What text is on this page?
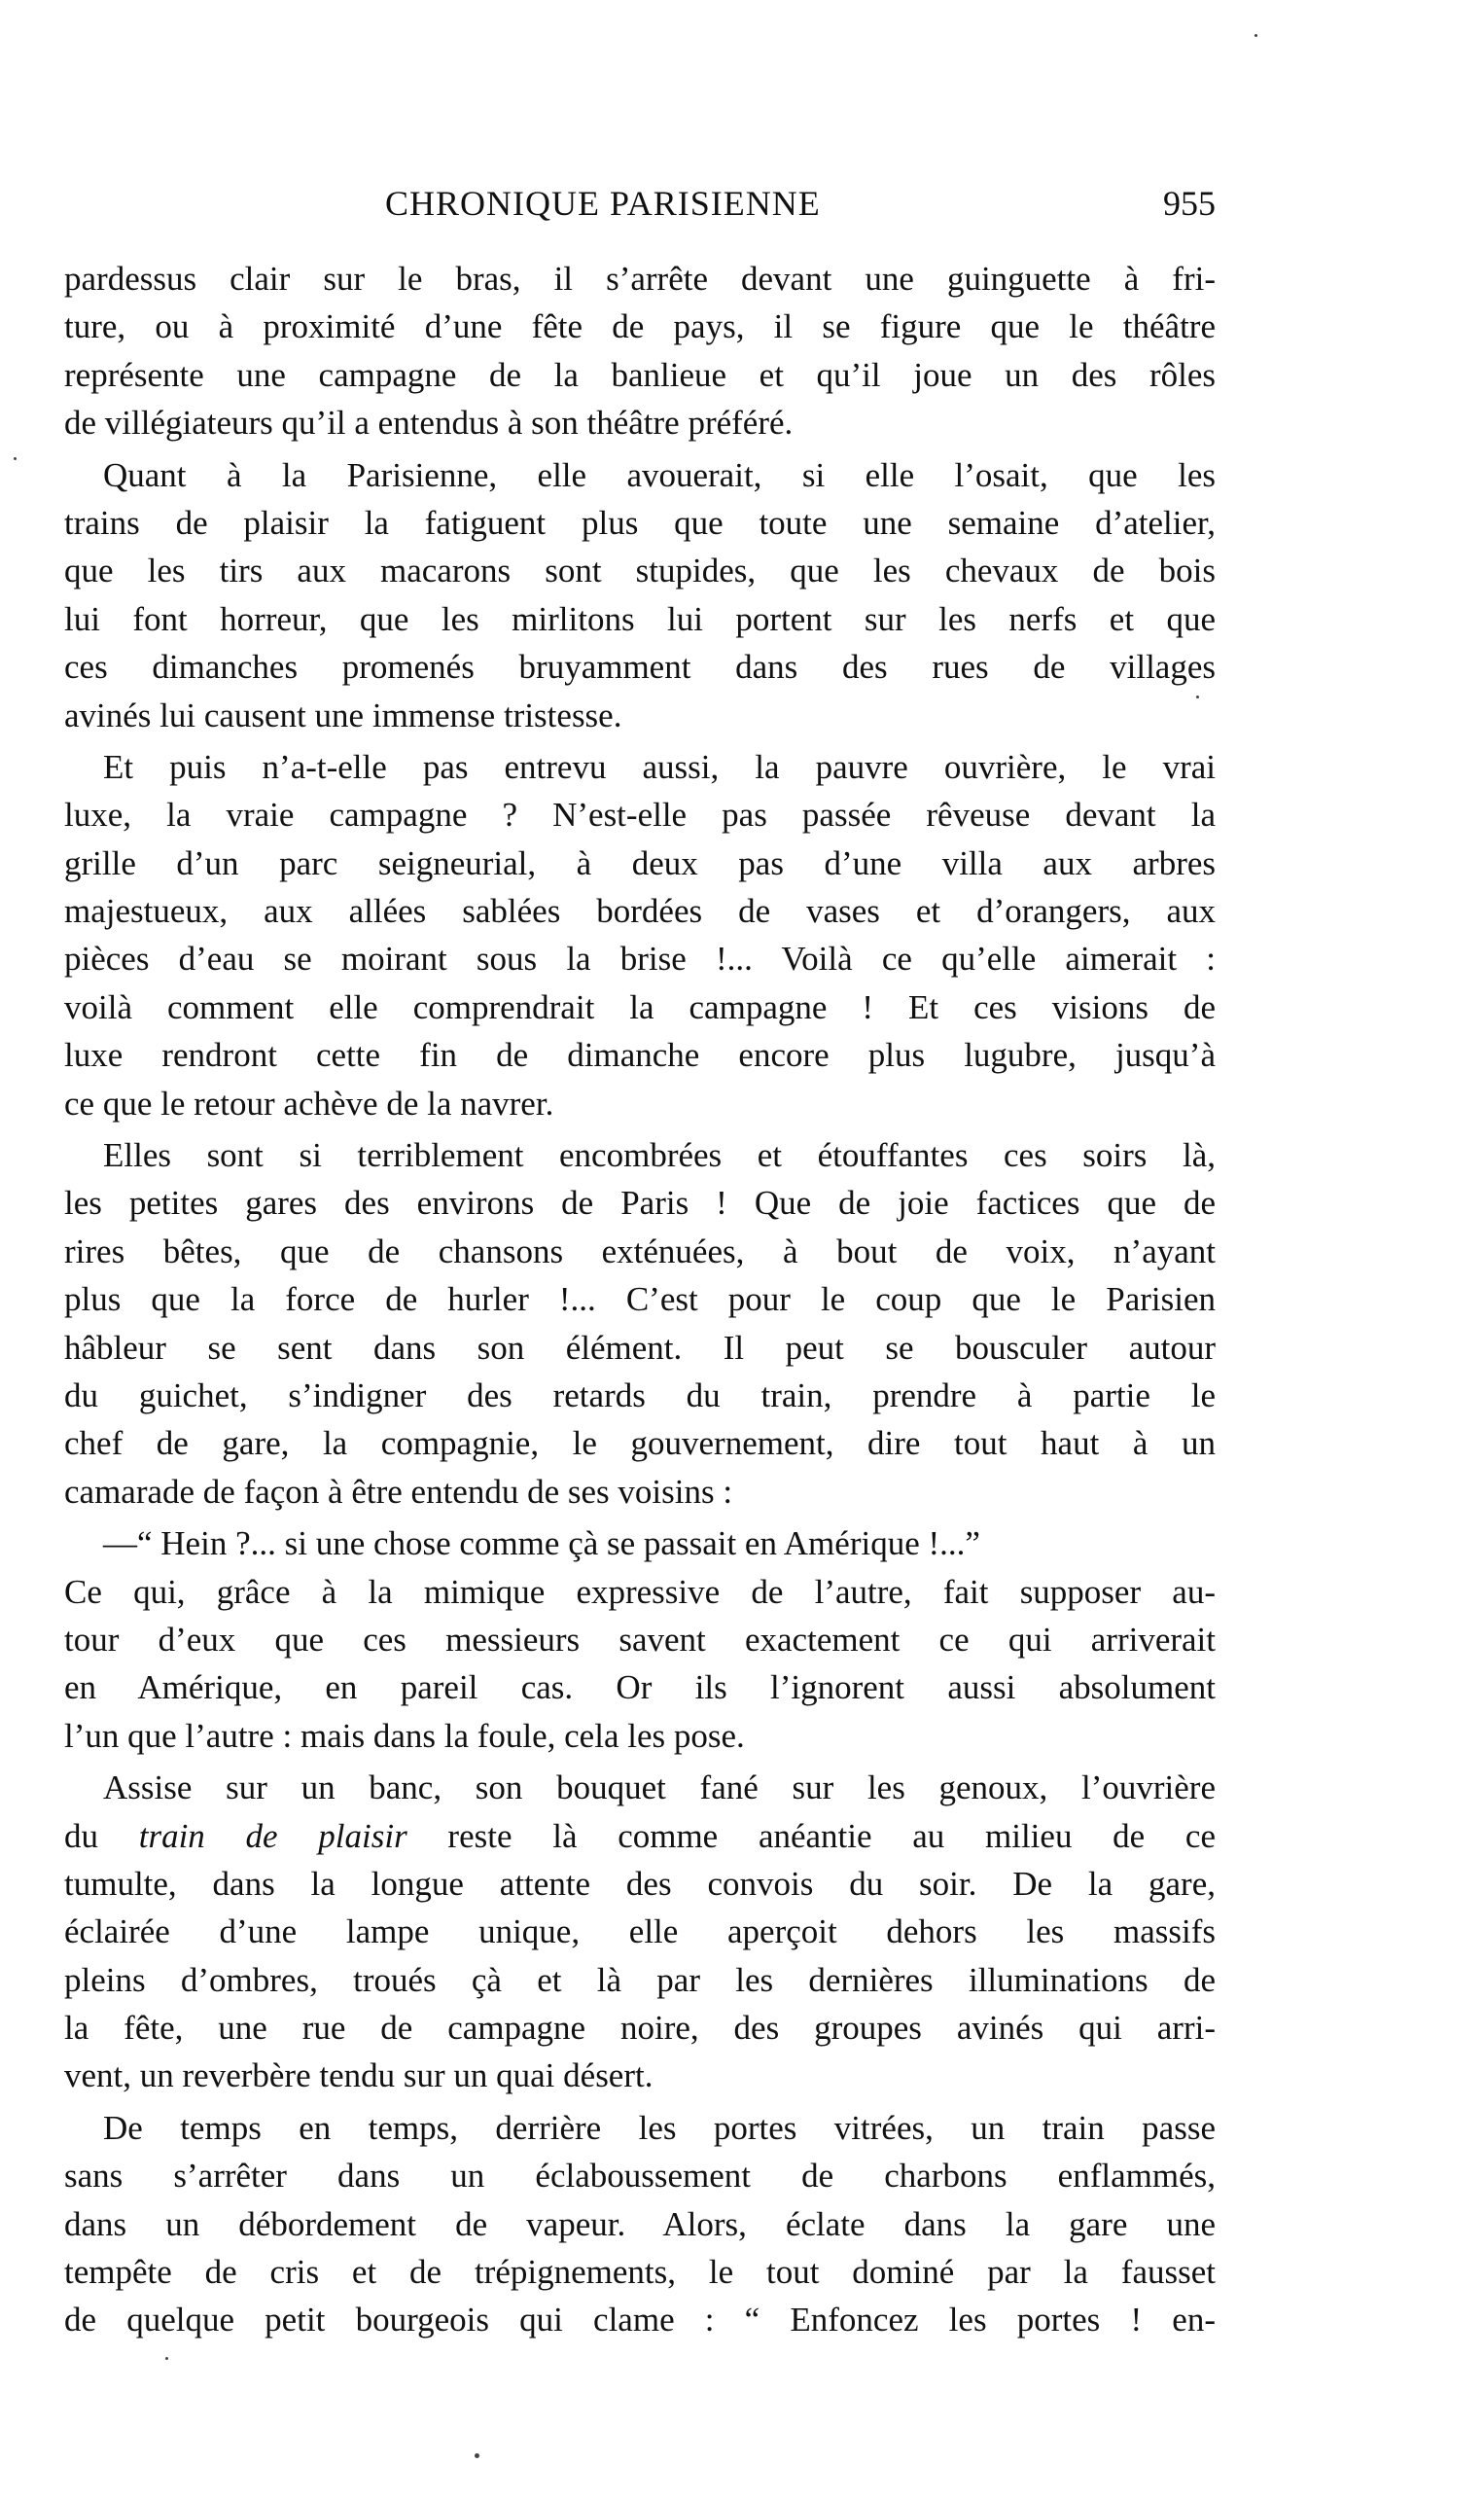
CHRONIQUE PARISIENNE	955
pardessus clair sur le bras, il s’arrête devant une guinguette à fri-
ture, ou à proximité d’une fête de pays, il se figure que le théâtre
représente une campagne de la banlieue et qu’il joue un des rôles
de villégiateurs qu’il a entendus à son théâtre préféré.
Quant à la Parisienne, elle avouerait, si elle l’osait, que les
trains de plaisir la fatiguent plus que toute une semaine d’atelier,
que les tirs aux macarons sont stupides, que les chevaux de bois
lui font horreur, que les mirlitons lui portent sur les nerfs et que
ces dimanches promenés bruyamment dans des rues de villages
avinés lui causent une immense tristesse.
Et puis n’a-t-elle pas entrevu aussi, la pauvre ouvrière, le vrai
luxe, la vraie campagne ? N’est-elle pas passée rêveuse devant la
grille d’un parc seigneurial, à deux pas d’une villa aux arbres
majestueux, aux allées sablées bordées de vases et d’orangers, aux
pièces d’eau se moirant sous la brise !... Voilà ce qu’elle aimerait :
voilà comment elle comprendrait la campagne ! Et ces visions de
luxe rendront cette fin de dimanche encore plus lugubre, jusqu’à
ce que le retour achève de la navrer.
Elles sont si terriblement encombrées et étouffantes ces soirs là,
les petites gares des environs de Paris ! Que de joie factices que de
rires bêtes, que de chansons exténuées, à bout de voix, n’ayant
plus que la force de hurler !... C’est pour le coup que le Parisien
hâbleur se sent dans son élément. Il peut se bousculer autour
du guichet, s’indigner des retards du train, prendre à partie le
chef de gare, la compagnie, le gouvernement, dire tout haut à un
camarade de façon à être entendu de ses voisins :
—“ Hein ?... si une chose comme çà se passait en Amérique !...”
Ce qui, grâce à la mimique expressive de l’autre, fait supposer au-
tour d’eux que ces messieurs savent exactement ce qui arriverait
en Amérique, en pareil cas. Or ils l’ignorent aussi absolument
l’un que l’autre : mais dans la foule, cela les pose.
Assise sur un banc, son bouquet fané sur les genoux, l’ouvrière
du train de plaisir reste là comme anéantie au milieu de ce
tumulte, dans la longue attente des convois du soir. De la gare,
éclairée d’une lampe unique, elle aperçoit dehors les massifs
pleins d’ombres, troués çà et là par les dernières illuminations de
la fête, une rue de campagne noire, des groupes avinés qui arri-
vent, un reverbère tendu sur un quai désert.
De temps en temps, derrière les portes vitrées, un train passe
sans s’arrêter dans un éclaboussement de charbons enflammés,
dans un débordement de vapeur. Alors, éclate dans la gare une
tempête de cris et de trépignements, le tout dominé par la fausset
de quelque petit bourgeois qui clame : “ Enfoncez les portes ! en-
